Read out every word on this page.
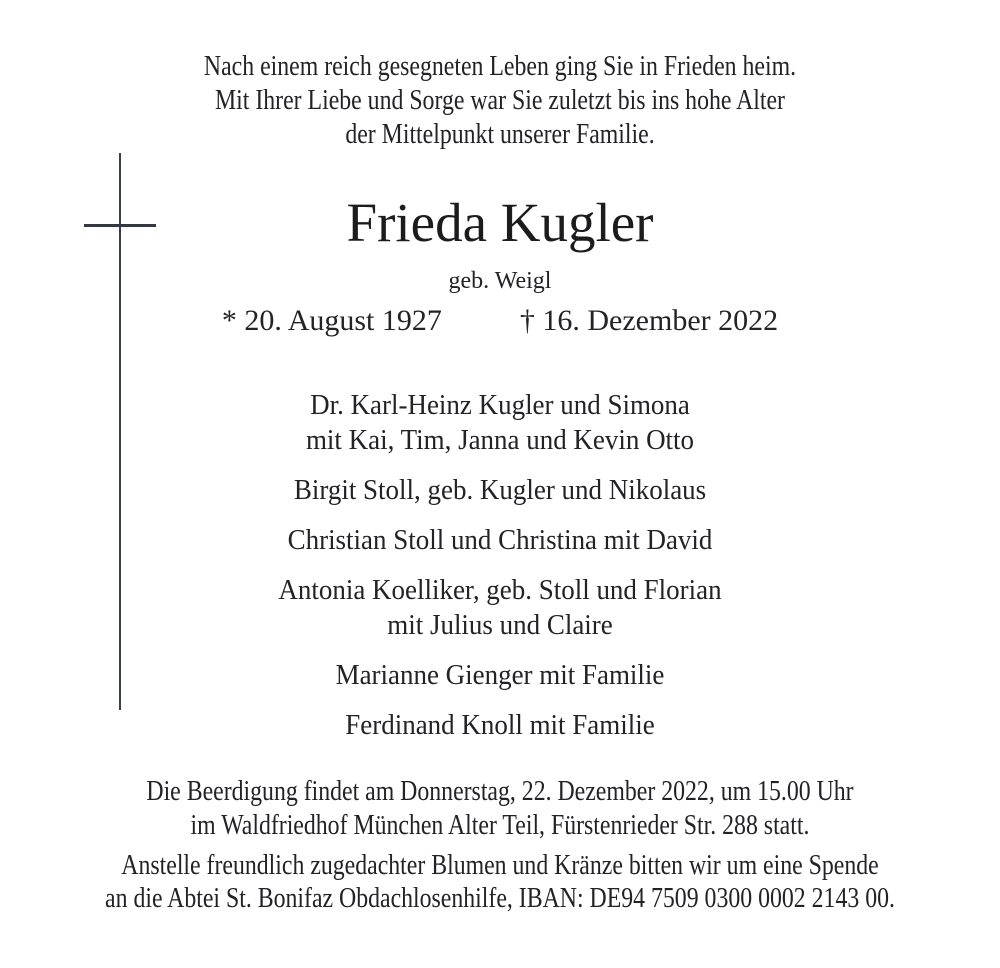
Nach einem reich gesegneten Leben ging Sie in Frieden heim.
Mit Ihrer Liebe und Sorge war Sie zuletzt bis ins hohe Alter
der Mittelpunkt unserer Familie.
Frieda Kugler
geb. Weigl
* 20. August 1927	† 16. Dezember 2022
Dr. Karl-Heinz Kugler und Simona
mit Kai, Tim, Janna und Kevin Otto
Birgit Stoll, geb. Kugler und Nikolaus
Christian Stoll und Christina mit David
Antonia Koelliker, geb. Stoll und Florian
mit Julius und Claire
Marianne Gienger mit Familie
Ferdinand Knoll mit Familie
Die Beerdigung findet am Donnerstag, 22. Dezember 2022, um 15.00 Uhr
im Waldfriedhof München Alter Teil, Fürstenrieder Str. 288 statt.
Anstelle freundlich zugedachter Blumen und Kränze bitten wir um eine Spende
an die Abtei St. Bonifaz Obdachlosenhilfe, IBAN: DE94 7509 0300 0002 2143 00.
